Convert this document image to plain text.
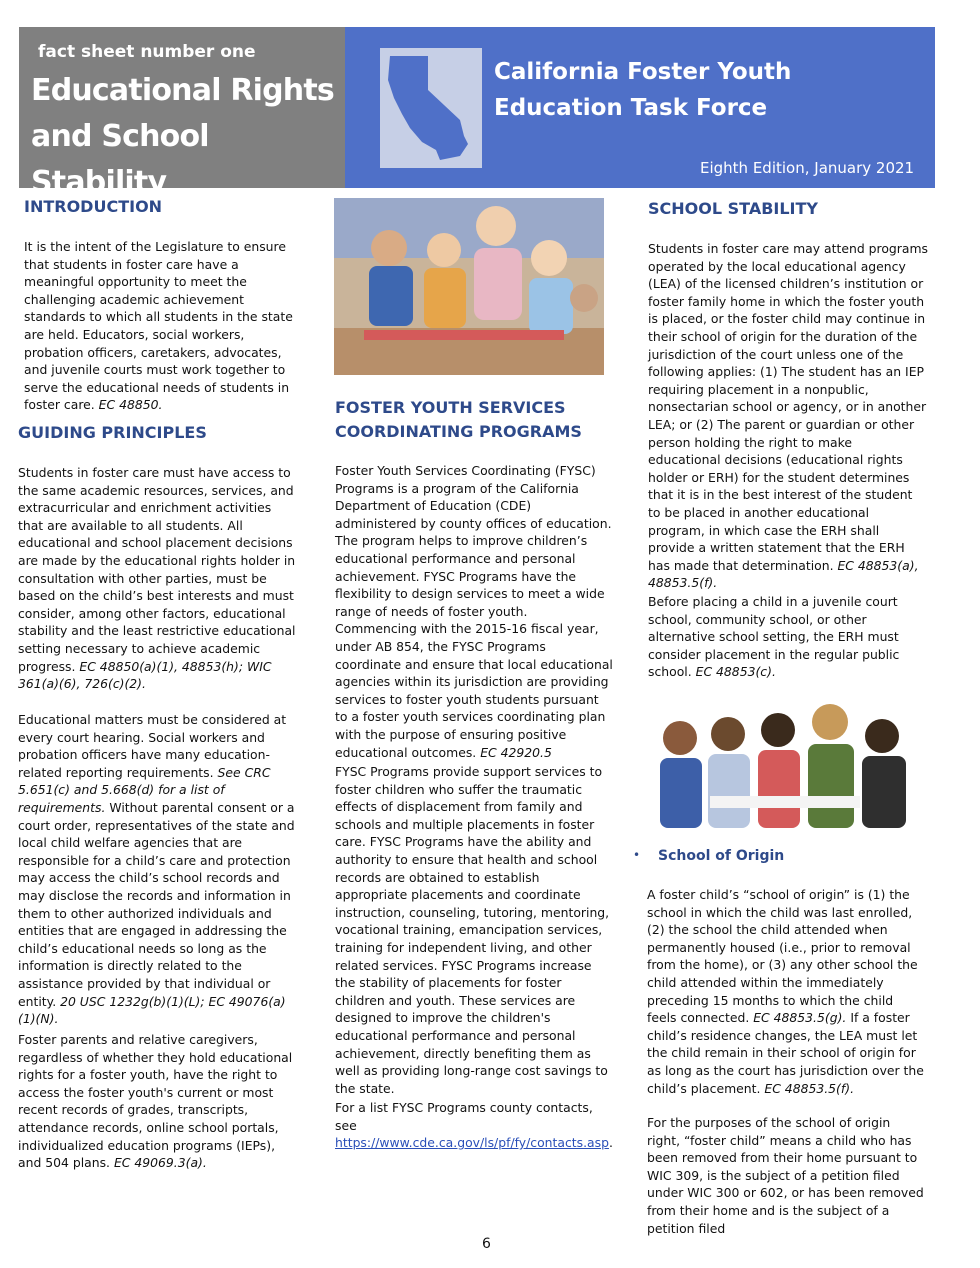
fact sheet number one
Educational Rights and School Stability
California Foster Youth Education Task Force
Eighth Edition, January 2021
INTRODUCTION

It is the intent of the Legislature to ensure that students in foster care have a meaningful opportunity to meet the challenging academic achievement standards to which all students in the state are held. Educators, social workers, probation officers, caretakers, advocates, and juvenile courts must work together to serve the educational needs of students in foster care. EC 48850.

GUIDING PRINCIPLES

Students in foster care must have access to the same academic resources, services, and extracurricular and enrichment activities that are available to all students. All educational and school placement decisions are made by the educational rights holder in consultation with other parties, must be based on the child’s best interests and must consider, among other factors, educational stability and the least restrictive educational setting necessary to achieve academic progress. EC 48850(a)(1), 48853(h); WIC 361(a)(6), 726(c)(2).

Educational matters must be considered at every court hearing. Social workers and probation officers have many education-related reporting requirements. See CRC 5.651(c) and 5.668(d) for a list of requirements. Without parental consent or a court order, representatives of the state and local child welfare agencies that are responsible for a child’s care and protection may access the child’s school records and may disclose the records and information in them to other authorized individuals and entities that are engaged in addressing the child’s educational needs so long as the information is directly related to the assistance provided by that individual or entity. 20 USC 1232g(b)(1)(L); EC 49076(a)(1)(N).

Foster parents and relative caregivers, regardless of whether they hold educational rights for a foster youth, have the right to access the foster youth's current or most recent records of grades, transcripts, attendance records, online school portals, individualized education programs (IEPs), and 504 plans. EC 49069.3(a).

FOSTER YOUTH SERVICES COORDINATING PROGRAMS

Foster Youth Services Coordinating (FYSC) Programs is a program of the California Department of Education (CDE) administered by county offices of education. The program helps to improve children’s educational performance and personal achievement. FYSC Programs have the flexibility to design services to meet a wide range of needs of foster youth. Commencing with the 2015-16 fiscal year, under AB 854, the FYSC Programs coordinate and ensure that local educational agencies within its jurisdiction are providing services to foster youth students pursuant to a foster youth services coordinating plan with the purpose of ensuring positive educational outcomes. EC 42920.5

FYSC Programs provide support services to foster children who suffer the traumatic effects of displacement from family and schools and multiple placements in foster care. FYSC Programs have the ability and authority to ensure that health and school records are obtained to establish appropriate placements and coordinate instruction, counseling, tutoring, mentoring, vocational training, emancipation services, training for independent living, and other related services. FYSC Programs increase the stability of placements for foster children and youth. These services are designed to improve the children's educational performance and personal achievement, directly benefiting them as well as providing long-range cost savings to the state.

For a list FYSC Programs county contacts, see https://www.cde.ca.gov/ls/pf/fy/contacts.asp.

SCHOOL STABILITY

Students in foster care may attend programs operated by the local educational agency (LEA) of the licensed children’s institution or foster family home in which the foster youth is placed, or the foster child may continue in their school of origin for the duration of the jurisdiction of the court unless one of the following applies: (1) The student has an IEP requiring placement in a nonpublic, nonsectarian school or agency, or in another LEA; or (2) The parent or guardian or other person holding the right to make educational decisions (educational rights holder or ERH) for the student determines that it is in the best interest of the student to be placed in another educational program, in which case the ERH shall provide a written statement that the ERH has made that determination. EC 48853(a), 48853.5(f).

Before placing a child in a juvenile court school, community school, or other alternative school setting, the ERH must consider placement in the regular public school. EC 48853(c).

• School of Origin

A foster child’s “school of origin” is (1) the school in which the child was last enrolled, (2) the school the child attended when permanently housed (i.e., prior to removal from the home), or (3) any other school the child attended within the immediately preceding 15 months to which the child feels connected. EC 48853.5(g). If a foster child’s residence changes, the LEA must let the child remain in their school of origin for as long as the court has jurisdiction over the child’s placement. EC 48853.5(f).

For the purposes of the school of origin right, “foster child” means a child who has been removed from their home pursuant to WIC 309, is the subject of a petition filed under WIC 300 or 602, or has been removed from their home and is the subject of a petition filed

6
